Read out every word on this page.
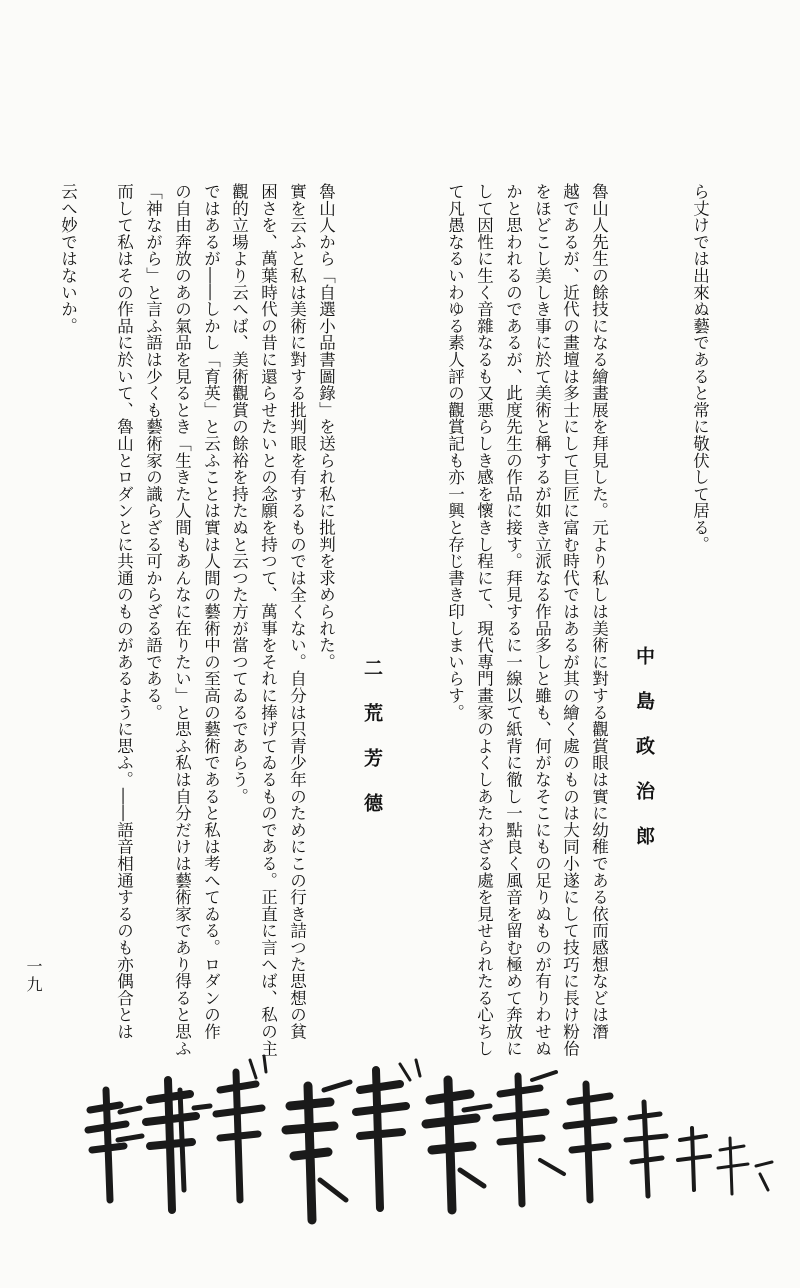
ら丈けでは出來ぬ藝であると常に敬伏して居る。
中島政治郎
魯山人先生の餘技になる繪畫展を拜見した。元より私しは美術に對する觀賞眼は實に幼稚である依而感想などは潛
越であるが、近代の畫壇は多士にして巨匠に富む時代ではあるが其の繪く處のものは大同小遂にして技巧に長け粉佁
をほどこし美しき事に於て美術と稱するが如き立派なる作品多しと雖も、何がなそこにもの足りぬものが有りわせぬ
かと思われるのであるが、此度先生の作品に接す。拜見するに一線以て紙背に徹し一點良く風音を留む極めて奔放に
して因性に生く音雜なるも又悪らしき感を懷きし程にて、現代專門畫家のよくしあたわざる處を見せられたる心ちし
て凡愚なるいわゆる素人評の觀賞記も亦一興と存じ書き印しまいらす。
二荒芳德
魯山人から「自選小品書圖錄」を送られ私に批判を求められた。
實を云ふと私は美術に對する批判眼を有するものでは全くない。自分は只青少年のためにこの行き詰つた思想の貧
困さを、萬葉時代の昔に還らせたいとの念願を持つて、萬事をそれに捧げてゐるものである。正直に言へば、私の主
觀的立場より云へば、美術觀賞の餘裕を持たぬと云つた方が當つてゐるであらう。
ではあるが――しかし「育英」と云ふことは實は人間の藝術中の至高の藝術であると私は考へてゐる。ロダンの作
の自由奔放のあの氣品を見るとき「生きた人間もあんなに在りたい」と思ふ私は自分だけは藝術家であり得ると思ふ
「神ながら」と言ふ語は少くも藝術家の識らざる可からざる語である。
而して私はその作品に於いて、魯山とロダンとに共通のものがあるように思ふ。――語音相通するのも亦偶合とは
云へ妙ではないか。
一九
